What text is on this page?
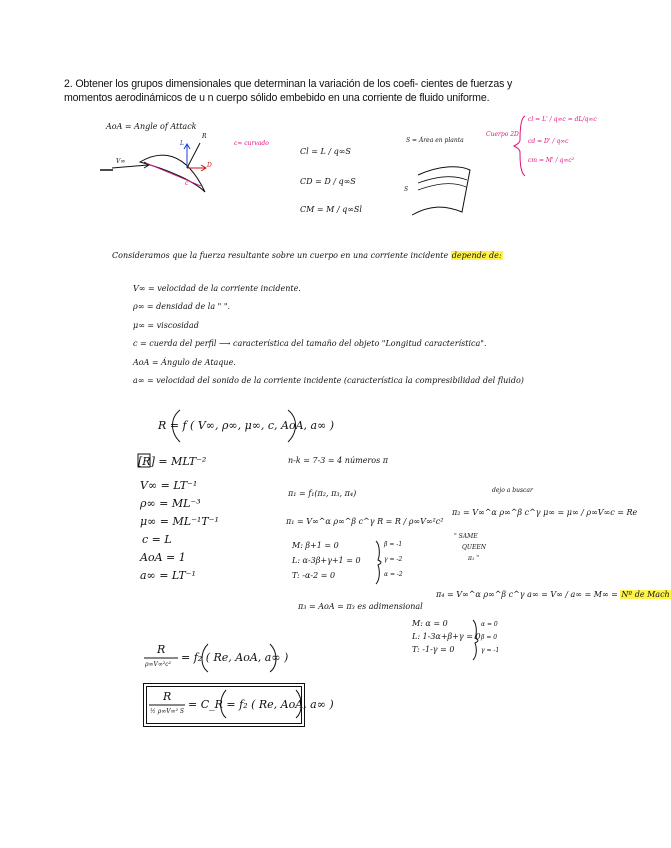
2. Obtener los grupos dimensionales que determinan la variación de los coefi- cientes de fuerzas y
momentos aerodinámicos de u n cuerpo sólido embebido en una corriente de fluido uniforme.
AoA = Angle of Attack
V∞
c
c≈ curvado
L
R
D
Cl = L / q∞S
CD = D / q∞S
CM = M / q∞Sl
S = Área en planta
S
Cuerpo 2D
cl = L' / q∞c = dL/q∞c
cd = D' / q∞c
cm = M' / q∞c²
Consideramos que la fuerza resultante sobre un cuerpo en una corriente incidente depende de:
V∞ = velocidad de la corriente incidente.
ρ∞ = densidad de la " ".
μ∞ = viscosidad
c = cuerda del perfil ⟶ característica del tamaño del objeto "Longitud característica".
AoA = Ángulo de Ataque.
a∞ = velocidad del sonido de la corriente incidente (característica la compresibilidad del fluido)
R = f ( V∞, ρ∞, μ∞, c, AoA, a∞ )
[R] = MLT⁻²
V∞ = LT⁻¹
ρ∞ = ML⁻³
μ∞ = ML⁻¹T⁻¹
c = L
AoA = 1
a∞ = LT⁻¹
n-k = 7-3 = 4 números π
π₁ = f₁(π₂, π₃, π₄)
π₁ = V∞^α ρ∞^β c^γ R = R / ρ∞V∞²c²
M: β+1 = 0
L: α-3β+γ+1 = 0
T: -α-2 = 0
β = -1
γ = -2
α = -2
dejo a buscar
π₂ = V∞^α ρ∞^β c^γ μ∞ = μ∞ / ρ∞V∞c = Re
" SAME
QUEEN
π₁ "
π₃ = AoA = π₃ es adimensional
π₄ = V∞^α ρ∞^β c^γ a∞ = V∞ / a∞ = M∞ = Nº de Mach
M: α = 0
L: 1-3α+β+γ = 0
T: -1-γ = 0
α = 0
β = 0
γ = -1
R
ρ∞V∞²c²
= f₂ ( Re, AoA, a∞ )
R
½ ρ∞V∞² S
= C_R = f₂ ( Re, AoA, a∞ )
